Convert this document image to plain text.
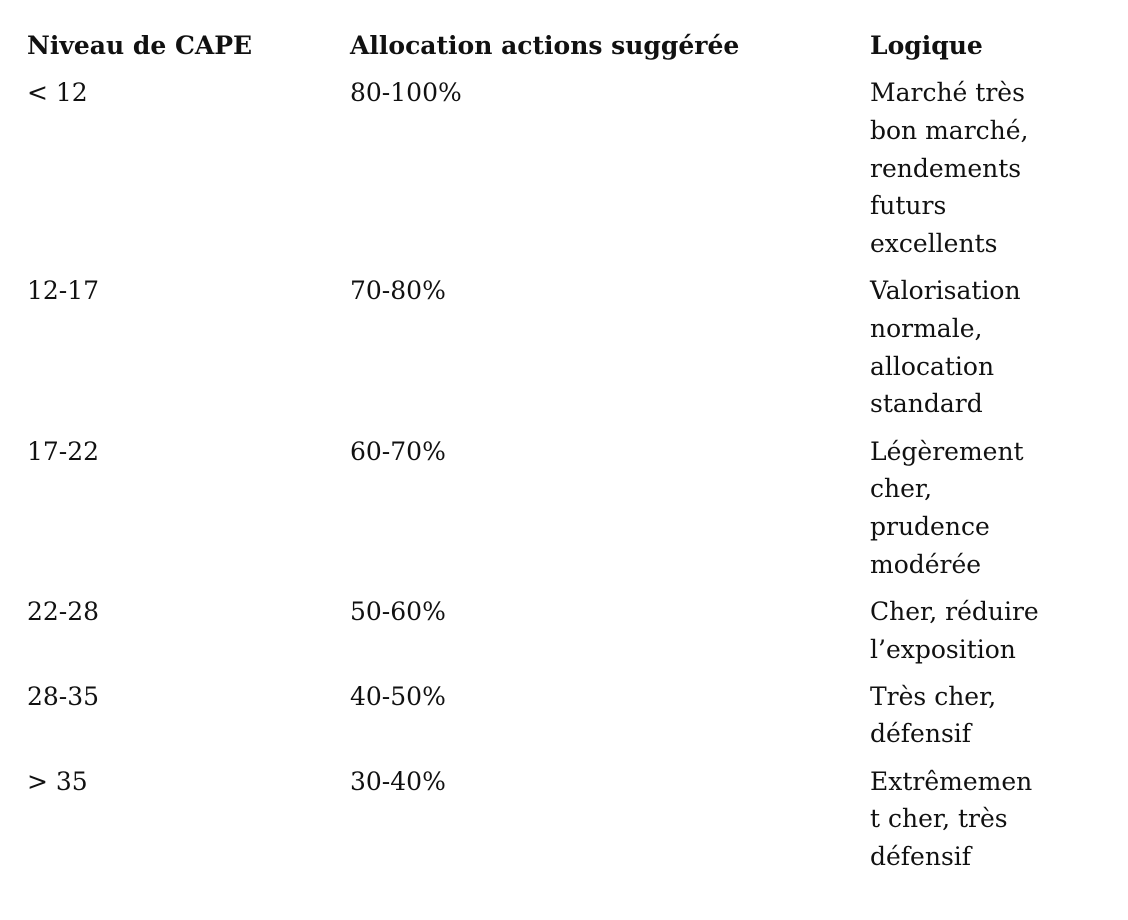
Niveau de CAPE	Allocation actions suggérée	Logique
< 12	80-100%	Marché très
bon marché,
rendements
futurs
excellents
12-17	70-80%	Valorisation
normale,
allocation
standard
17-22	60-70%	Légèrement
cher,
prudence
modérée
22-28	50-60%	Cher, réduire
l’exposition
28-35	40-50%	Très cher,
défensif
> 35	30-40%	Extrêmemen
t cher, très
défensif
